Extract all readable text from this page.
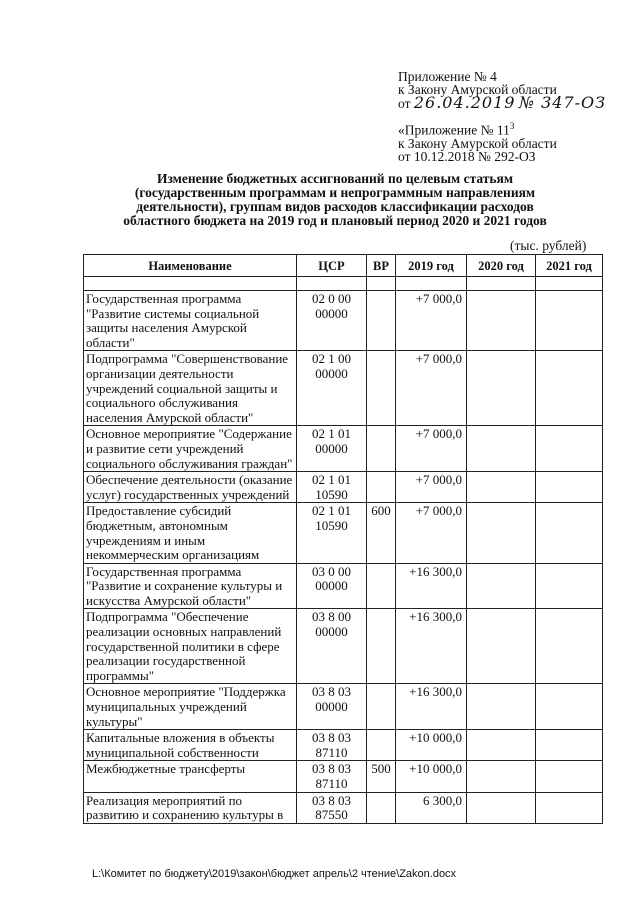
Приложение № 4
к Закону Амурской области
от 26.04.2019 № 347-ОЗ
«Приложение № $11^3$
к Закону Амурской области
от 10.12.2018 № 292-ОЗ
Изменение бюджетных ассигнований по целевым статьям
(государственным программам и непрограммным направлениям
деятельности), группам видов расходов классификации расходов
областного бюджета на 2019 год и плановый период 2020 и 2021 годов
(тыс. рублей)
Наименование	ЦСР	ВР	2019 год	2020 год	2021 год

Государственная программа "Развитие системы социальной защиты населения Амурской области"	02 0 00 00000		+7 000,0		
Подпрограмма "Совершенствование организации деятельности учреждений социальной защиты и социального обслуживания населения Амурской области"	02 1 00 00000		+7 000,0		
Основное мероприятие "Содержание и развитие сети учреждений социального обслуживания граждан"	02 1 01 00000		+7 000,0		
Обеспечение деятельности (оказание услуг) государственных учреждений	02 1 01 10590		+7 000,0		
Предоставление субсидий бюджетным, автономным учреждениям и иным некоммерческим организациям	02 1 01 10590	600	+7 000,0		
Государственная программа "Развитие и сохранение культуры и искусства Амурской области"	03 0 00 00000		+16 300,0		
Подпрограмма "Обеспечение реализации основных направлений государственной политики в сфере реализации государственной программы"	03 8 00 00000		+16 300,0		
Основное мероприятие "Поддержка муниципальных учреждений культуры"	03 8 03 00000		+16 300,0		
Капитальные вложения в объекты муниципальной собственности	03 8 03 87110		+10 000,0		
Межбюджетные трансферты	03 8 03 87110	500	+10 000,0		
Реализация мероприятий по развитию и сохранению культуры в	03 8 03 87550		6 300,0		
L:\Комитет по бюджету\2019\закон\бюджет апрель\2 чтение\Zakon.docx
